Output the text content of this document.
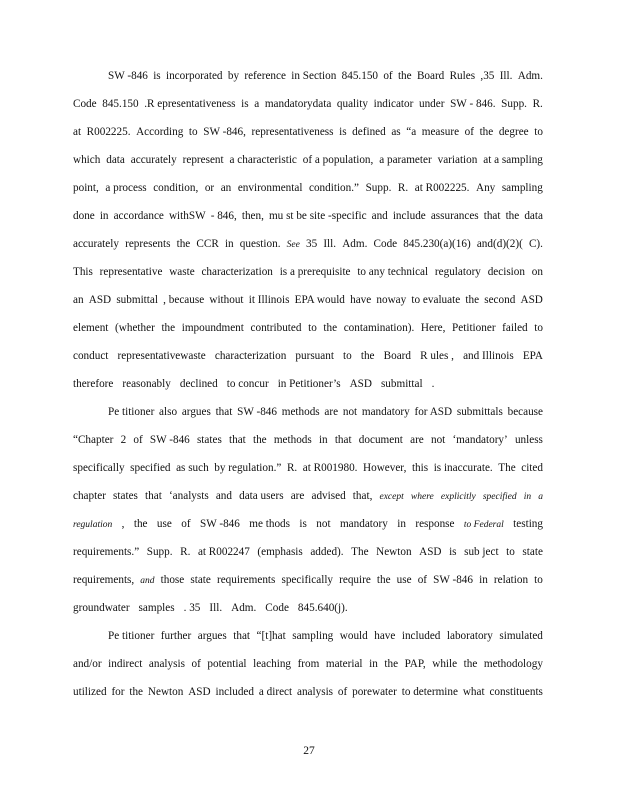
SW -846 is incorporated by reference in Section 845.150 of the Board Rules ,35 Ill. Adm.
Code 845.150 .R epresentativeness is a mandatorydata quality indicator under SW - 846. Supp. R.
at R002225. According to SW -846, representativeness is defined as “a measure of the degree to
which data accurately represent a characteristic of a population, a parameter variation at a sampling
point, a process condition, or an environmental condition.” Supp. R. at R002225. Any sampling
done in accordance withSW - 846, then, mu st be site -specific and include assurances that the data
accurately represents the CCR in question. See 35 Ill. Adm. Code 845.230(a)(16) and(d)(2)( C).
This representative waste characterization is a prerequisite to any technical regulatory decision on
an ASD submittal , because without it Illinois EPA would have noway to evaluate the second ASD
element (whether the impoundment contributed to the contamination). Here, Petitioner failed to
conduct representativewaste characterization pursuant to the Board R ules , and Illinois EPA
therefore reasonably declined to concur in Petitioner’s ASD submittal .
Pe titioner also argues that SW -846 methods are not mandatory for ASD submittals because
“Chapter 2 of SW -846 states that the methods in that document are not ‘mandatory’ unless
specifically specified as such by regulation.” R. at R001980. However, this is inaccurate. The cited
chapter states that ‘analysts and data users are advised that, except where explicitly specified in a
regulation , the use of SW -846 me thods is not mandatory in response to Federal testing
requirements.” Supp. R. at R002247 (emphasis added). The Newton ASD is sub ject to state
requirements, and those state requirements specifically require the use of SW -846 in relation to
groundwater samples . 35 Ill. Adm. Code 845.640(j).
Pe titioner further argues that “[t]hat sampling would have included laboratory simulated
and/or indirect analysis of potential leaching from material in the PAP, while the methodology
utilized for the Newton ASD included a direct analysis of porewater to determine what constituents
27
